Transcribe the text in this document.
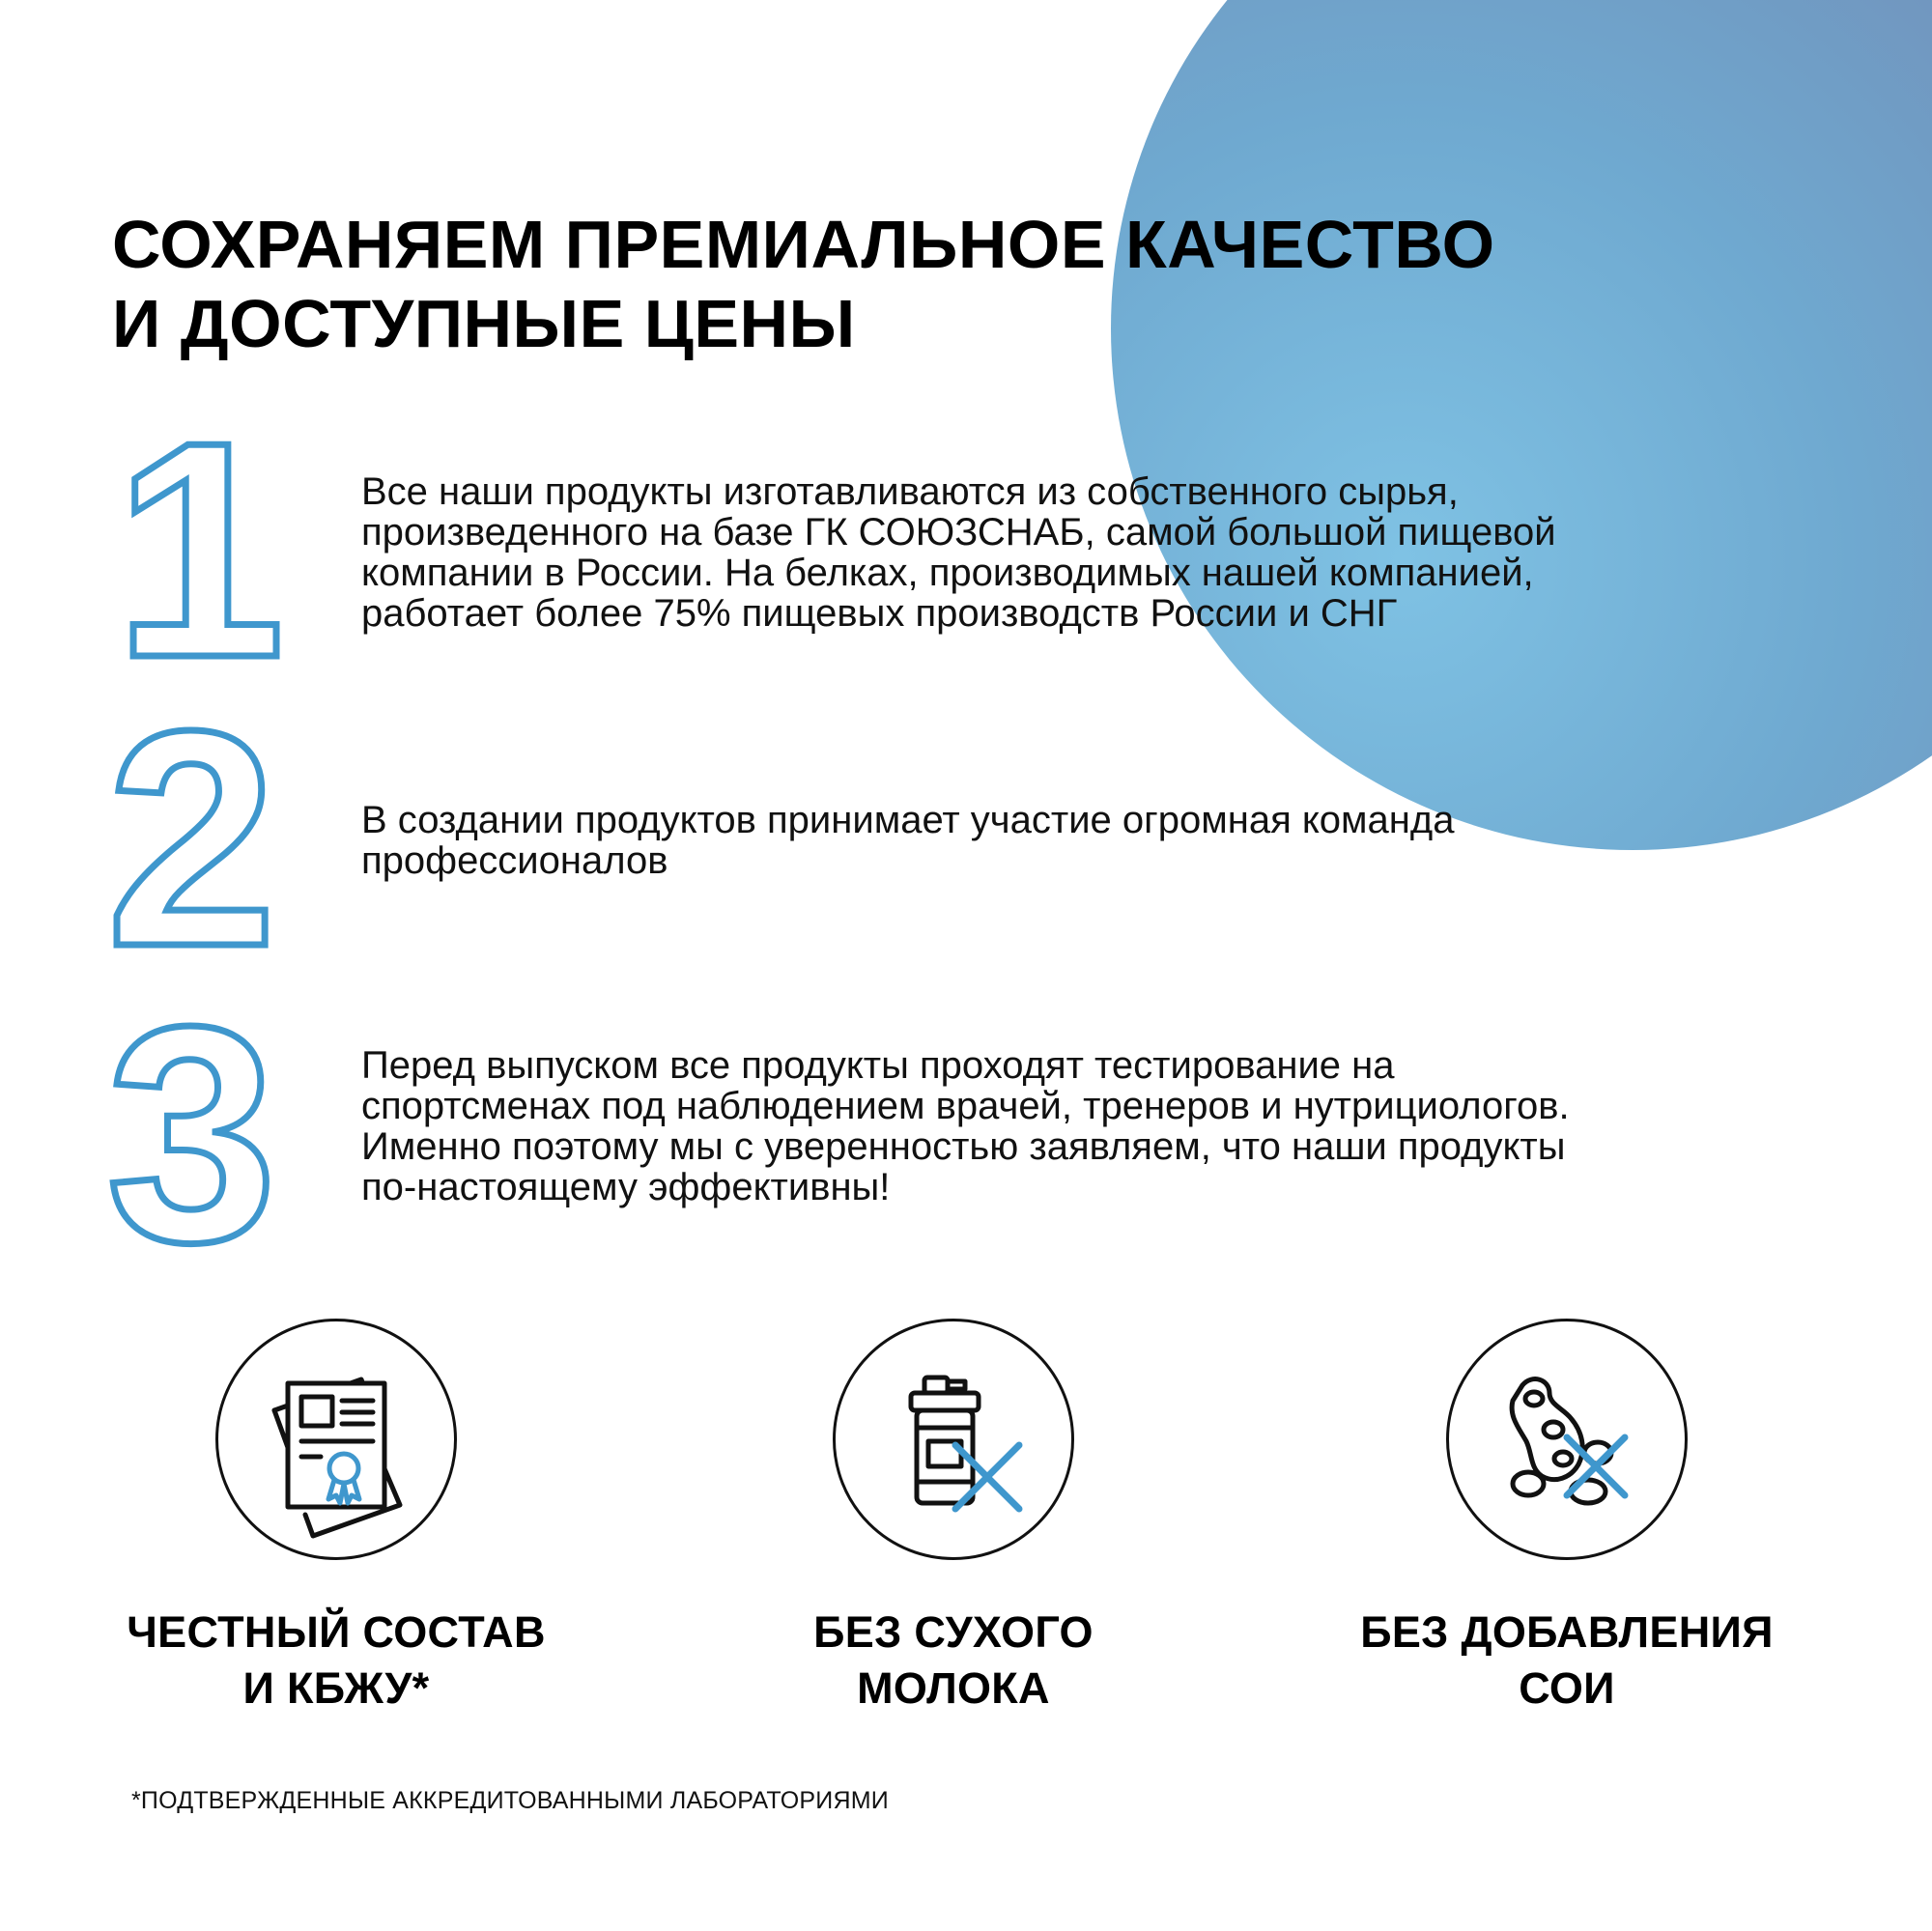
СОХРАНЯЕМ ПРЕМИАЛЬНОЕ КАЧЕСТВО
И ДОСТУПНЫЕ ЦЕНЫ
1 Все наши продукты изготавливаются из собственного сырья,
произведенного на базе ГК СОЮЗСНАБ, самой большой пищевой
компании в России. На белках, производимых нашей компанией,
работает более 75% пищевых производств России и СНГ

2 В создании продуктов принимает участие огромная команда
профессионалов

3 Перед выпуском все продукты проходят тестирование на
спортсменах под наблюдением врачей, тренеров и нутрициологов.
Именно поэтому мы с уверенностью заявляем, что наши продукты
по-настоящему эффективны!

ЧЕСТНЫЙ СОСТАВ
И КБЖУ*
БЕЗ СУХОГО
МОЛОКА
БЕЗ ДОБАВЛЕНИЯ
СОИ
*ПОДТВЕРЖДЕННЫЕ АККРЕДИТОВАННЫМИ ЛАБОРАТОРИЯМИ
